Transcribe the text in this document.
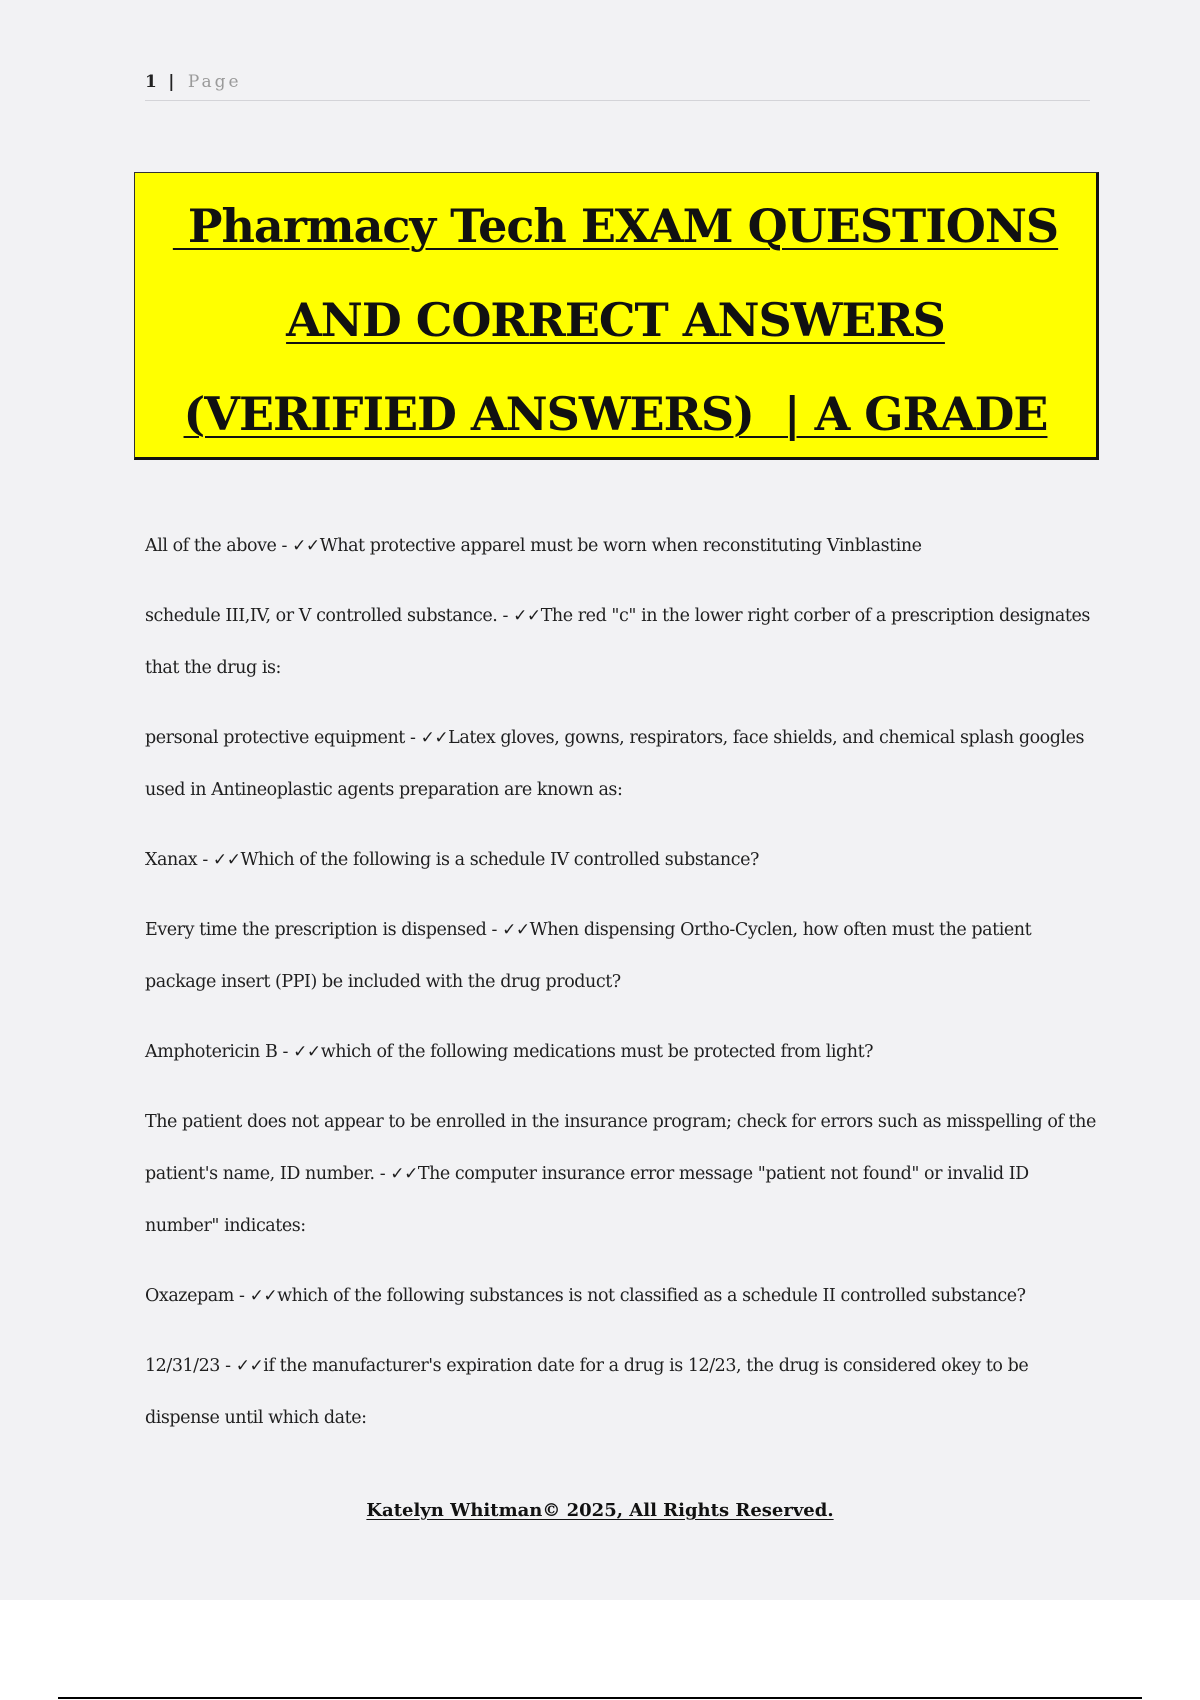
1 | Page
Pharmacy Tech EXAM QUESTIONS
AND CORRECT ANSWERS
(VERIFIED ANSWERS)  | A GRADE

All of the above - ✓✓What protective apparel must be worn when reconstituting Vinblastine

schedule III,IV, or V controlled substance. - ✓✓The red "c" in the lower right corber of a prescription designates that the drug is:

personal protective equipment - ✓✓Latex gloves, gowns, respirators, face shields, and chemical splash googles used in Antineoplastic agents preparation are known as:

Xanax - ✓✓Which of the following is a schedule IV controlled substance?

Every time the prescription is dispensed - ✓✓When dispensing Ortho-Cyclen, how often must the patient package insert (PPI) be included with the drug product?

Amphotericin B - ✓✓which of the following medications must be protected from light?

The patient does not appear to be enrolled in the insurance program; check for errors such as misspelling of the patient's name, ID number. - ✓✓The computer insurance error message "patient not found" or invalid ID number" indicates:

Oxazepam - ✓✓which of the following substances is not classified as a schedule II controlled substance?

12/31/23 - ✓✓if the manufacturer's expiration date for a drug is 12/23, the drug is considered okey to be dispense until which date:

Katelyn Whitman© 2025, All Rights Reserved.
